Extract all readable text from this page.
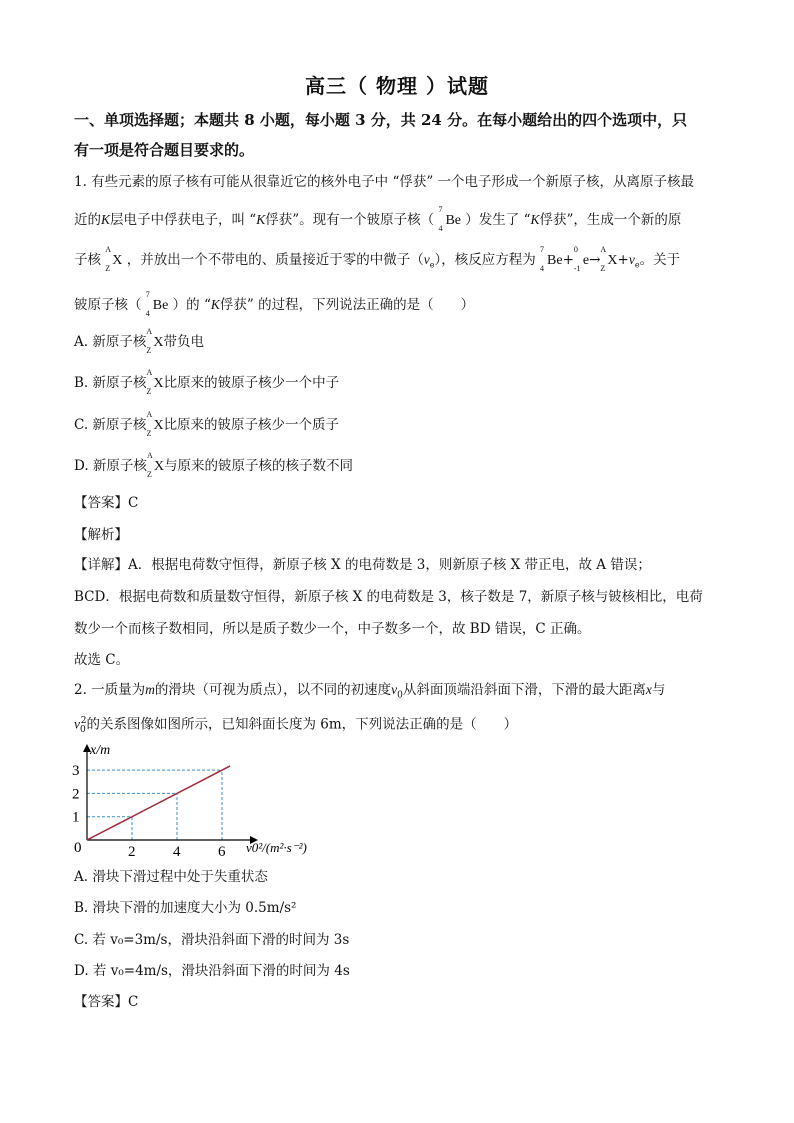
高三（ 物理 ）试题
一、单项选择题；本题共 8 小题，每小题 3 分，共 24 分。在每小题给出的四个选项中，只
有一项是符合题目要求的。
1. 有些元素的原子核有可能从很靠近它的核外电子中 “俘获” 一个电子形成一个新原子核，从离原子核最
近的K层电子中俘获电子，叫 “K俘获”。现有一个铍原子核（
7
4
Be ）发生了 “K俘获”，生成一个新的原
子核
A
Z
X ，并放出一个不带电的、质量接近于零的中微子$(\nu_e)$，核反应方程为
7
4
Be+
0
-1
e→
A
Z
$X+\nu_e$。关于
铍原子核（
7
4
Be ）的 “K俘获” 的过程，下列说法正确的是（　　）
A. 新原子核
A
Z
X带负电
B. 新原子核
A
Z
X比原来的铍原子核少一个中子
C. 新原子核
A
Z
X比原来的铍原子核少一个质子
D. 新原子核
A
Z
X与原来的铍原子核的核子数不同
【答案】C
【解析】
【详解】A．根据电荷数守恒得，新原子核 X 的电荷数是 3，则新原子核 X 带正电，故 A 错误；
BCD．根据电荷数和质量数守恒得，新原子核 X 的电荷数是 3，核子数是 7，新原子核与铍核相比，电荷
数少一个而核子数相同，所以是质子数少一个，中子数多一个，故 BD 错误，C 正确。
故选 C。
2. 一质量为m的滑块（可视为质点），以不同的初速度$v_0$从斜面顶端沿斜面下滑，下滑的最大距离x与
$v_0^2$的关系图像如图所示，已知斜面长度为 6m，下列说法正确的是（　　）
2	4	6
1
2
3
0
x/m
v0²/(m²·s⁻²)
A. 滑块下滑过程中处于失重状态
B. 滑块下滑的加速度大小为 0.5m/s²
C. 若 v₀=3m/s，滑块沿斜面下滑的时间为 3s
D. 若 v₀=4m/s，滑块沿斜面下滑的时间为 4s
【答案】C
